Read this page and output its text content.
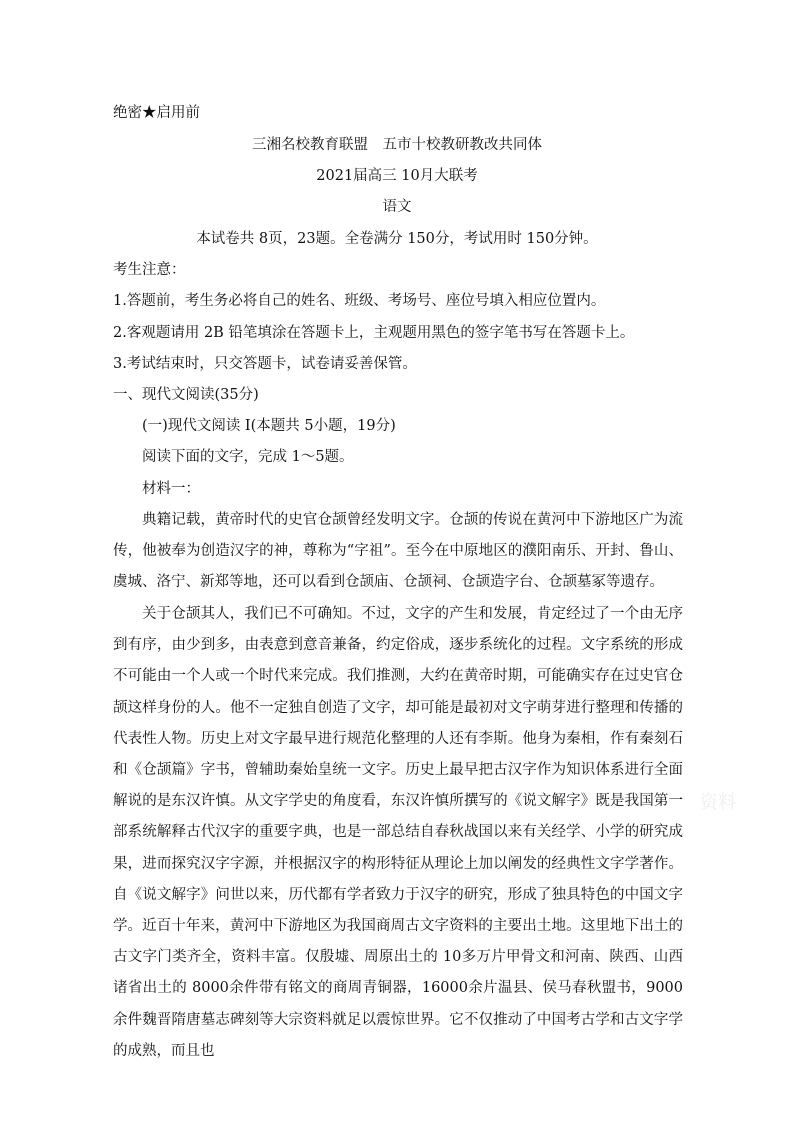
绝密★启用前
三湘名校教育联盟　五市十校教研教改共同体
2021届高三 10月大联考
语文
本试卷共 8页，23题。全卷满分 150分，考试用时 150分钟。
考生注意：
1.答题前，考生务必将自己的姓名、班级、考场号、座位号填入相应位置内。
2.客观题请用 2B 铅笔填涂在答题卡上，主观题用黑色的签字笔书写在答题卡上。
3.考试结束时，只交答题卡，试卷请妥善保管。
一、现代文阅读(35分)
(一)现代文阅读 I(本题共 5小题，19分)
阅读下面的文字，完成 1～5题。
材料一：

典籍记载，黄帝时代的史官仓颉曾经发明文字。仓颉的传说在黄河中下游地区广为流传，他被奉为创造汉字的神，尊称为“字祖”。至今在中原地区的濮阳南乐、开封、鲁山、虞城、洛宁、新郑等地，还可以看到仓颉庙、仓颉祠、仓颉造字台、仓颉墓冢等遗存。

关于仓颉其人，我们已不可确知。不过，文字的产生和发展，肯定经过了一个由无序到有序，由少到多，由表意到意音兼备，约定俗成，逐步系统化的过程。文字系统的形成不可能由一个人或一个时代来完成。我们推测，大约在黄帝时期，可能确实存在过史官仓颉这样身份的人。他不一定独自创造了文字，却可能是最初对文字萌芽进行整理和传播的代表性人物。历史上对文字最早进行规范化整理的人还有李斯。他身为秦相，作有秦刻石和《仓颉篇》字书，曾辅助秦始皇统一文字。历史上最早把古汉字作为知识体系进行全面解说的是东汉许慎。从文字学史的角度看，东汉许慎所撰写的《说文解字》既是我国第一部系统解释古代汉字的重要字典，也是一部总结自春秋战国以来有关经学、小学的研究成果，进而探究汉字字源，并根据汉字的构形特征从理论上加以阐发的经典性文字学著作。自《说文解字》问世以来，历代都有学者致力于汉字的研究，形成了独具特色的中国文字学。 近百十年来，黄河中下游地区为我国商周古文字资料的主要出土地。这里地下出土的古文字门类齐全，资料丰富。仅殷墟、周原出土的 10多万片甲骨文和河南、陕西、山西诸省出土的 8000余件带有铭文的商周青铜器，16000余片温县、侯马春秋盟书，9000余件魏晋隋唐墓志碑刻等大宗资料就足以震惊世界。它不仅推动了中国考古学和古文字学的成熟，而且也

资料
